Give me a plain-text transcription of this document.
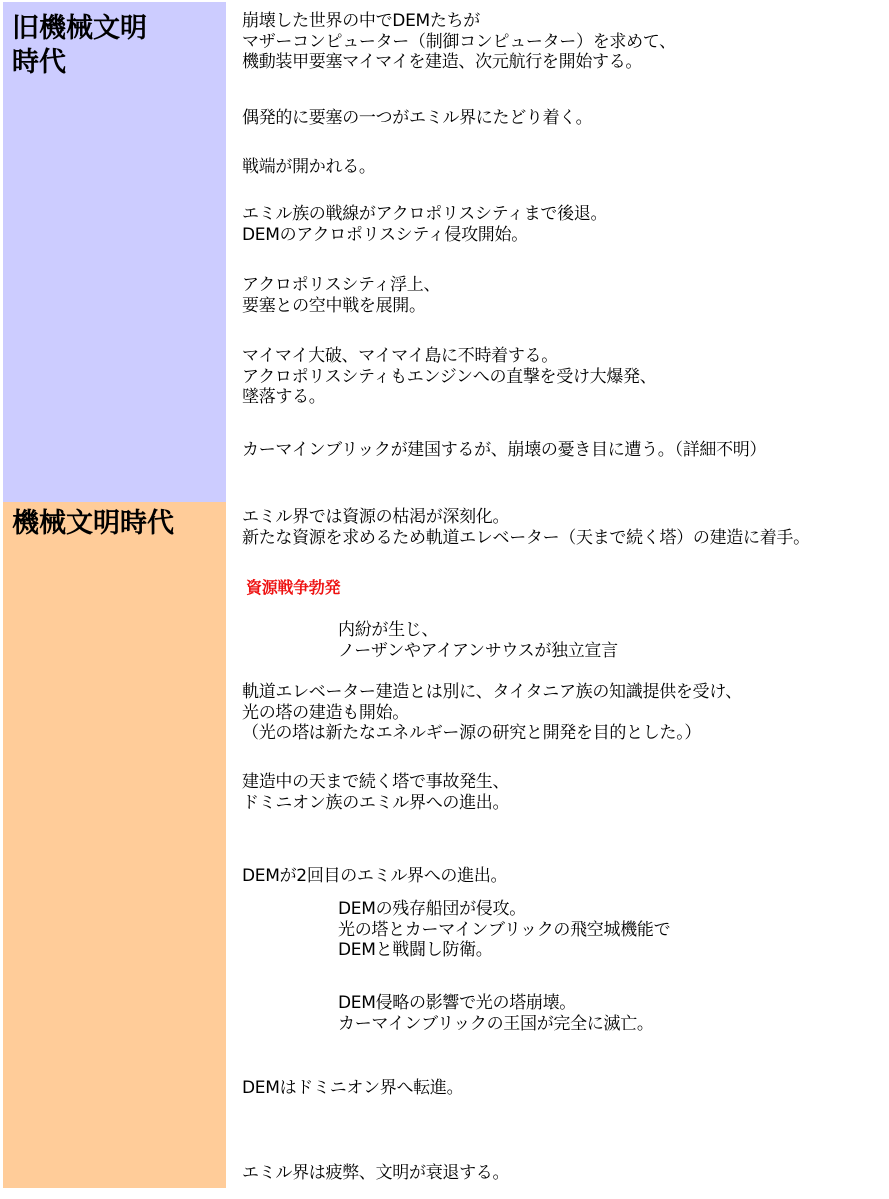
旧機械文明
時代
機械文明時代

崩壊した世界の中でDEMたちが
マザーコンピューター（制御コンピューター）を求めて、
機動装甲要塞マイマイを建造、次元航行を開始する。

偶発的に要塞の一つがエミル界にたどり着く。

戦端が開かれる。

エミル族の戦線がアクロポリスシティまで後退。
DEMのアクロポリスシティ侵攻開始。

アクロポリスシティ浮上、
要塞との空中戦を展開。

マイマイ大破、マイマイ島に不時着する。
アクロポリスシティもエンジンへの直撃を受け大爆発、
墜落する。

カーマインブリックが建国するが、崩壊の憂き目に遭う。（詳細不明）

エミル界では資源の枯渇が深刻化。
新たな資源を求めるため軌道エレベーター（天まで続く塔）の建造に着手。

資源戦争勃発

内紛が生じ、
ノーザンやアイアンサウスが独立宣言

軌道エレベーター建造とは別に、タイタニア族の知識提供を受け、
光の塔の建造も開始。
（光の塔は新たなエネルギー源の研究と開発を目的とした。）

建造中の天まで続く塔で事故発生、
ドミニオン族のエミル界への進出。

DEMが2回目のエミル界への進出。

DEMの残存船団が侵攻。
光の塔とカーマインブリックの飛空城機能で
DEMと戦闘し防衛。

DEM侵略の影響で光の塔崩壊。
カーマインブリックの王国が完全に滅亡。

DEMはドミニオン界へ転進。

エミル界は疲弊、文明が衰退する。
